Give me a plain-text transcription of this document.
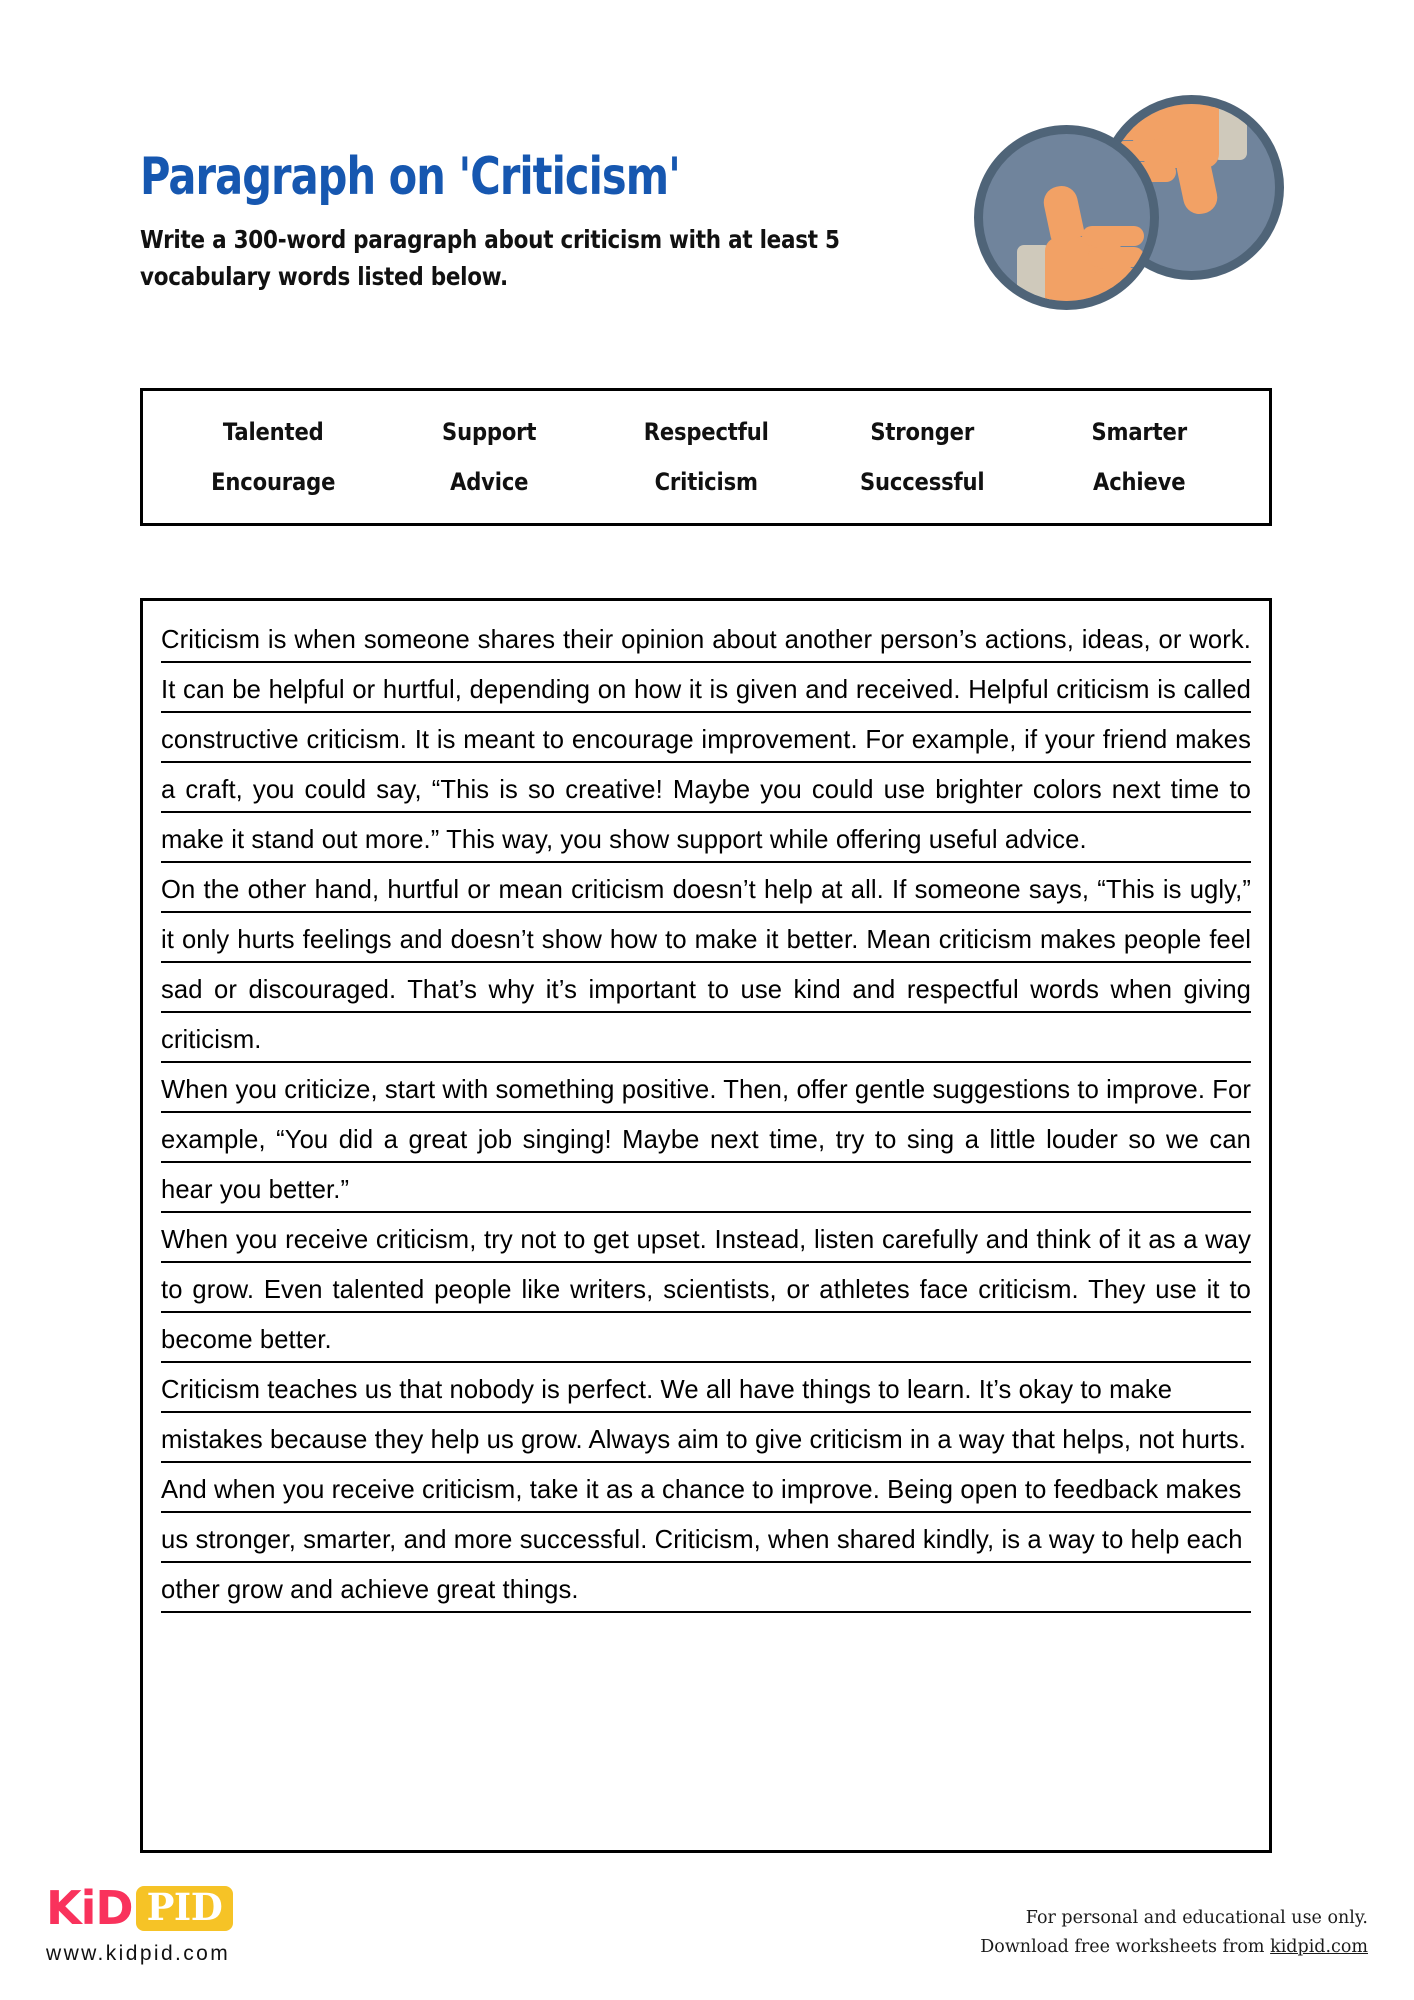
Paragraph on 'Criticism'
Write a 300-word paragraph about criticism with at least 5 vocabulary words listed below.
Talented	Support	Respectful	Stronger	Smarter
Encourage	Advice	Criticism	Successful	Achieve

Criticism is when someone shares their opinion about another person’s actions, ideas, or work. It can be helpful or hurtful, depending on how it is given and received. Helpful criticism is called constructive criticism. It is meant to encourage improvement. For example, if your friend makes a craft, you could say, “This is so creative! Maybe you could use brighter colors next time to make it stand out more.” This way, you show support while offering useful advice.

On the other hand, hurtful or mean criticism doesn’t help at all. If someone says, “This is ugly,” it only hurts feelings and doesn’t show how to make it better. Mean criticism makes people feel sad or discouraged. That’s why it’s important to use kind and respectful words when giving criticism.

When you criticize, start with something positive. Then, offer gentle suggestions to improve. For example, “You did a great job singing! Maybe next time, try to sing a little louder so we can hear you better.”

When you receive criticism, try not to get upset. Instead, listen carefully and think of it as a way to grow. Even talented people like writers, scientists, or athletes face criticism. They use it to become better.

Criticism teaches us that nobody is perfect. We all have things to learn. It’s okay to make mistakes because they help us grow. Always aim to give criticism in a way that helps, not hurts. And when you receive criticism, take it as a chance to improve. Being open to feedback makes us stronger, smarter, and more successful. Criticism, when shared kindly, is a way to help each other grow and achieve great things.

KiD PID
www.kidpid.com
For personal and educational use only.
Download free worksheets from kidpid.com
